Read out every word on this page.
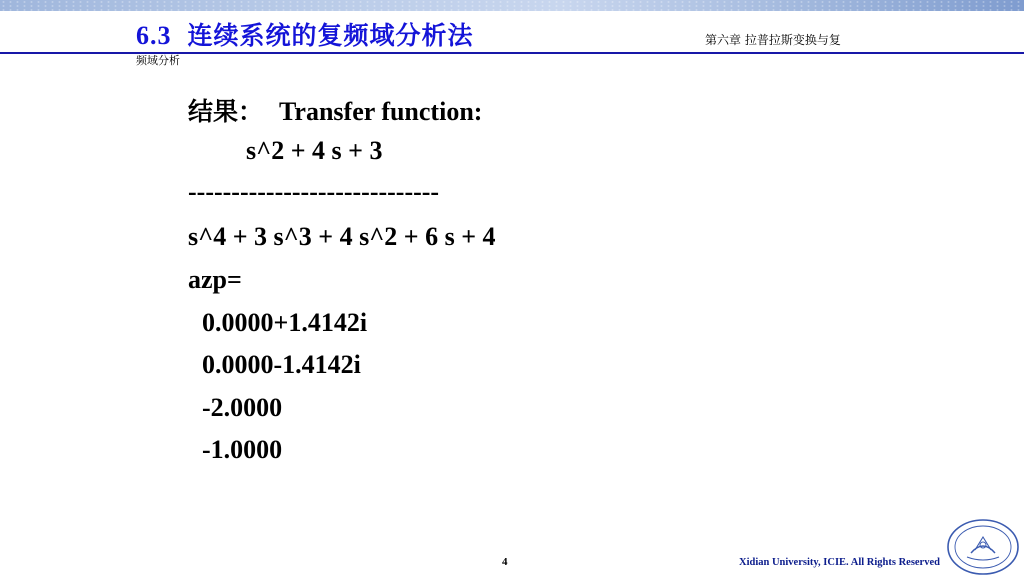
6.3 连续系统的复频域分析法	第六章 拉普拉斯变换与复
频域分析
结果： Transfer function:
s^2 + 4 s + 3
-----------------------------
s^4 + 3 s^3 + 4 s^2 + 6 s + 4
azp=
0.0000+1.4142i
0.0000-1.4142i
-2.0000
-1.0000
4	Xidian University, ICIE. All Rights Reserved
